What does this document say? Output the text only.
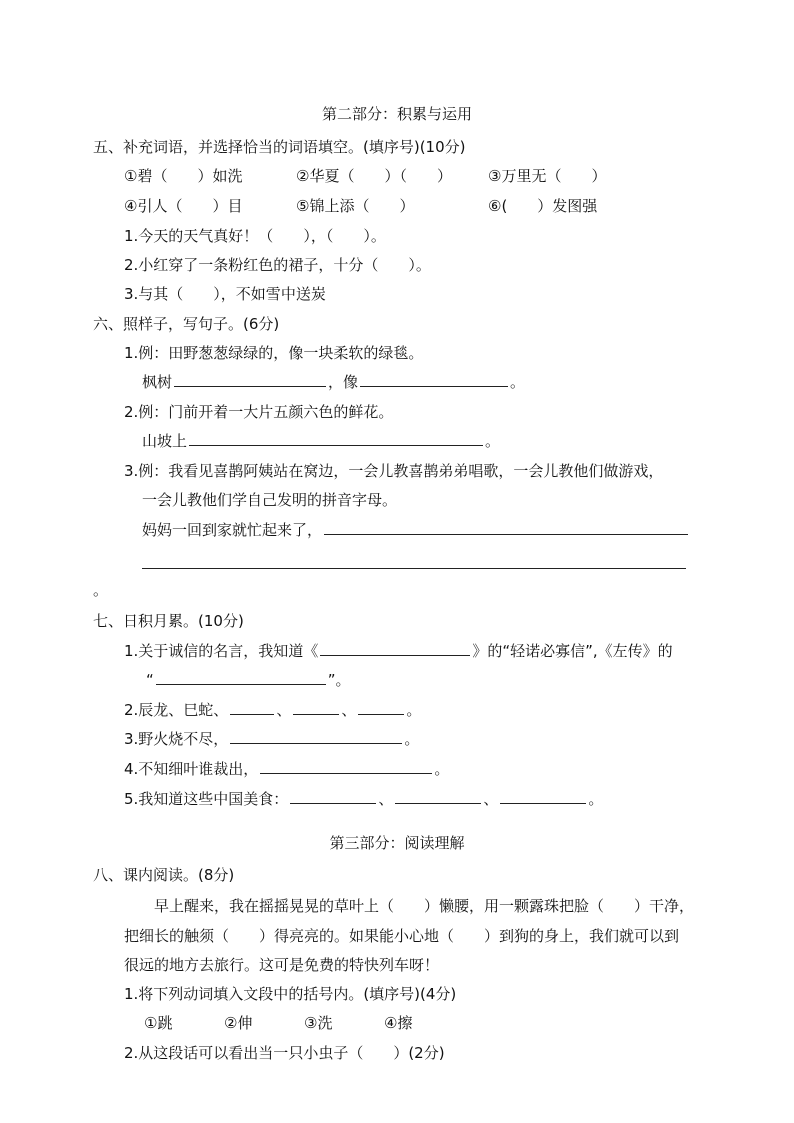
第二部分：积累与运用
五、补充词语，并选择恰当的词语填空。(填序号)(10分)
①碧（　　）如洗	②华夏（　　）（　　） ③万里无（　　）
④引人（　　）目	⑤锦上添（　　）	⑥(　　）发图强
1.今天的天气真好！（　　），（　　）。
2.小红穿了一条粉红色的裙子，十分（　　）。
3.与其（　　），不如雪中送炭
六、照样子，写句子。(6分)
1.例：田野葱葱绿绿的，像一块柔软的绿毯。
枫树	，像	。
2.例：门前开着一大片五颜六色的鲜花。
山坡上	。
3.例：我看见喜鹊阿姨站在窝边，一会儿教喜鹊弟弟唱歌，一会儿教他们做游戏，
一会儿教他们学自己发明的拼音字母。
妈妈一回到家就忙起来了，
。
七、日积月累。(10分)
1.关于诚信的名言，我知道《	》的“轻诺必寡信”,《左传》的
“	”。
2.辰龙、巳蛇、	、	、	。
3.野火烧不尽，	。
4.不知细叶谁裁出，	。
5.我知道这些中国美食：	、	、	。
第三部分：阅读理解
八、课内阅读。(8分)
早上醒来，我在摇摇晃晃的草叶上（　　）懒腰，用一颗露珠把脸（　　）干净，
把细长的触须（　　）得亮亮的。如果能小心地（　　）到狗的身上，我们就可以到
很远的地方去旅行。这可是免费的特快列车呀！
1.将下列动词填入文段中的括号内。(填序号)(4分)
①跳	②伸	③洗	④擦
2.从这段话可以看出当一只小虫子（　　）(2分)
